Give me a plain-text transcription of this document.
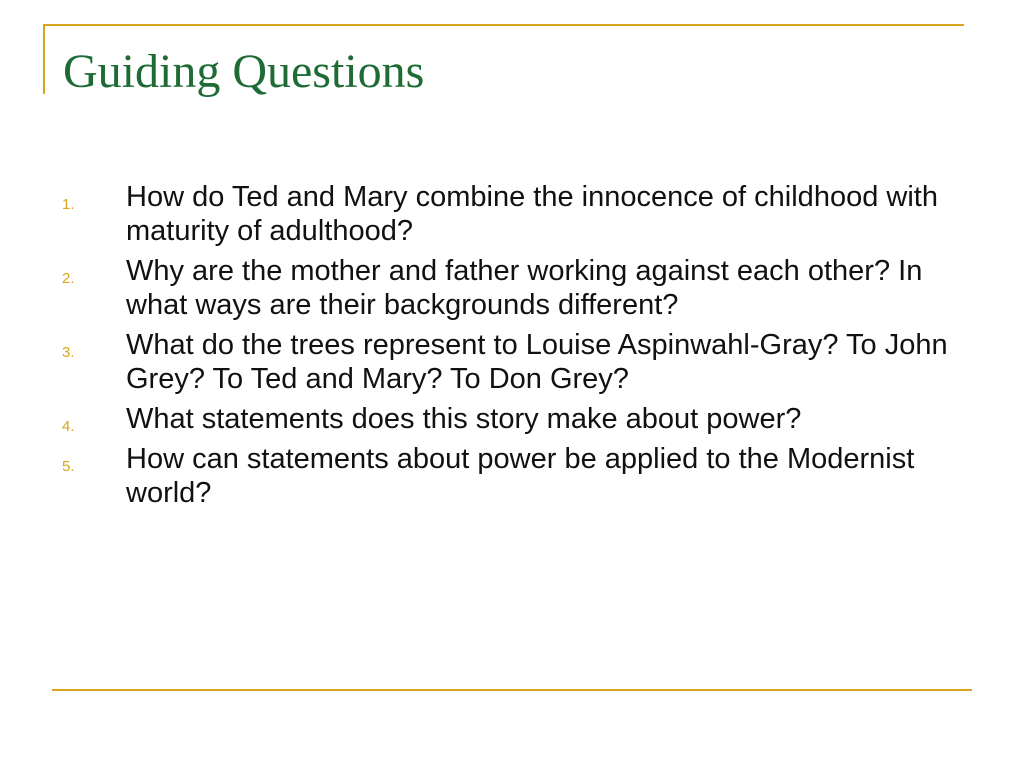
Guiding Questions
1. How do Ted and Mary combine the innocence of childhood with maturity of adulthood?
2. Why are the mother and father working against each other? In what ways are their backgrounds different?
3. What do the trees represent to Louise Aspinwahl-Gray? To John Grey? To Ted and Mary? To Don Grey?
4. What statements does this story make about power?
5. How can statements about power be applied to the Modernist world?
